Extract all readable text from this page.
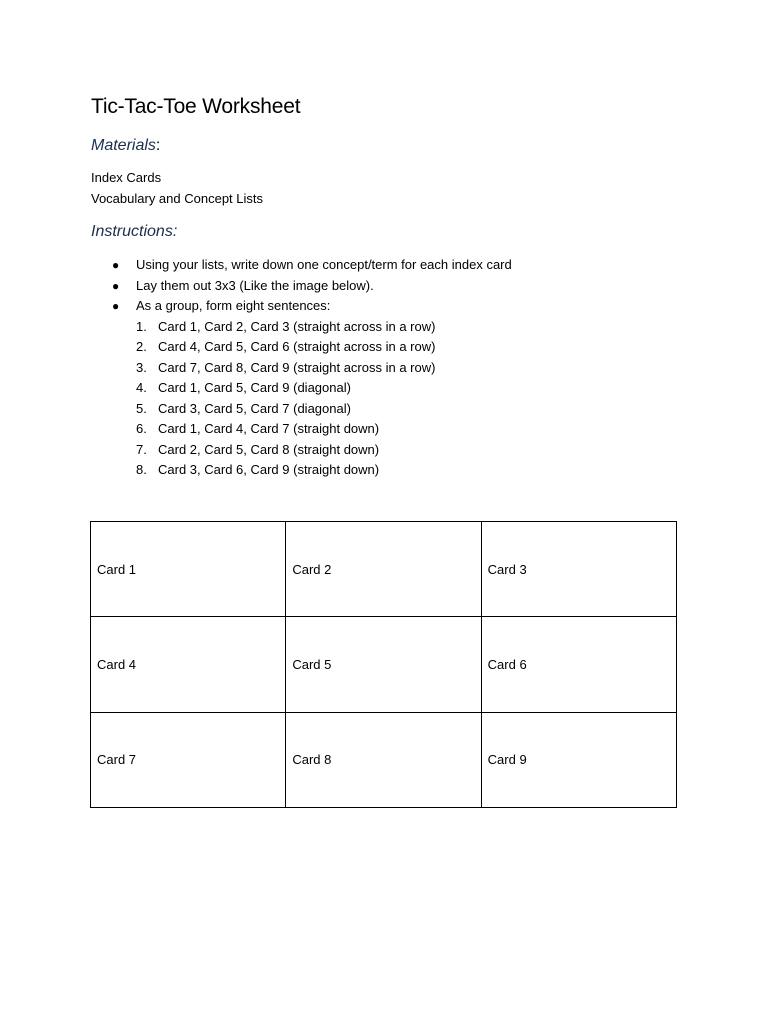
Tic-Tac-Toe Worksheet
Materials:
Index Cards
Vocabulary and Concept Lists
Instructions:
● Using your lists, write down one concept/term for each index card
● Lay them out 3x3 (Like the image below).
● As a group, form eight sentences:
1. Card 1, Card 2, Card 3 (straight across in a row)
2. Card 4, Card 5, Card 6 (straight across in a row)
3. Card 7, Card 8, Card 9 (straight across in a row)
4. Card 1, Card 5, Card 9 (diagonal)
5. Card 3, Card 5, Card 7 (diagonal)
6. Card 1, Card 4, Card 7 (straight down)
7. Card 2, Card 5, Card 8 (straight down)
8. Card 3, Card 6, Card 9 (straight down)
Card 1	Card 2	Card 3
Card 4	Card 5	Card 6
Card 7	Card 8	Card 9
